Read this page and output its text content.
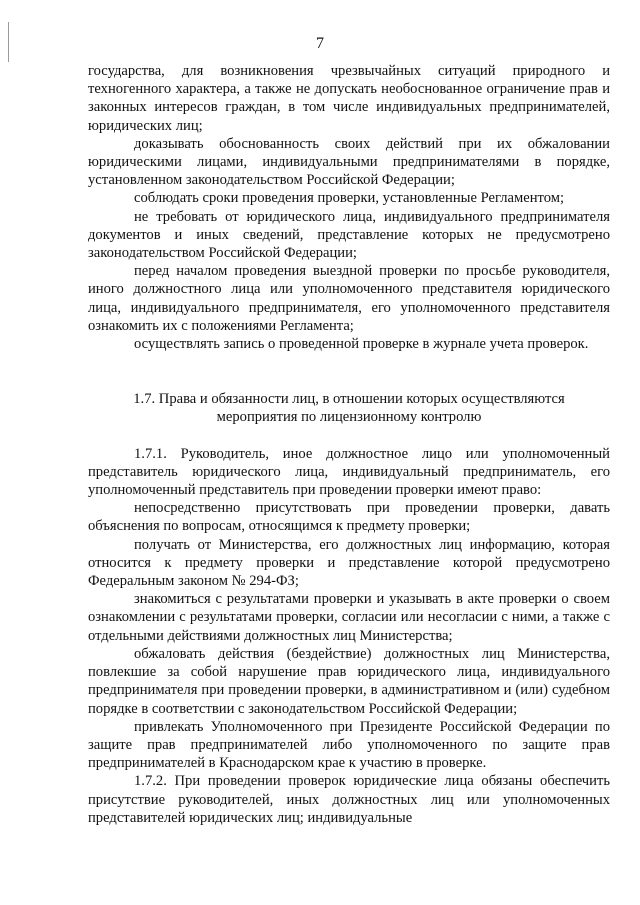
7

государства, для возникновения чрезвычайных ситуаций природного и техногенного характера, а также не допускать необоснованное ограничение прав и законных интересов граждан, в том числе индивидуальных предпринимателей, юридических лиц;

доказывать обоснованность своих действий при их обжаловании юридическими лицами, индивидуальными предпринимателями в порядке, установленном законодательством Российской Федерации;

соблюдать сроки проведения проверки, установленные Регламентом;

не требовать от юридического лица, индивидуального предпринимателя документов и иных сведений, представление которых не предусмотрено законодательством Российской Федерации;

перед началом проведения выездной проверки по просьбе руководителя, иного должностного лица или уполномоченного представителя юридического лица, индивидуального предпринимателя, его уполномоченного представителя ознакомить их с положениями Регламента;

осуществлять запись о проведенной проверке в журнале учета проверок.

1.7. Права и обязанности лиц, в отношении которых осуществляются
мероприятия по лицензионному контролю

1.7.1. Руководитель, иное должностное лицо или уполномоченный представитель юридического лица, индивидуальный предприниматель, его уполномоченный представитель при проведении проверки имеют право:

непосредственно присутствовать при проведении проверки, давать объяснения по вопросам, относящимся к предмету проверки;

получать от Министерства, его должностных лиц информацию, которая относится к предмету проверки и представление которой предусмотрено Федеральным законом № 294-ФЗ;

знакомиться с результатами проверки и указывать в акте проверки о своем ознакомлении с результатами проверки, согласии или несогласии с ними, а также с отдельными действиями должностных лиц Министерства;

обжаловать действия (бездействие) должностных лиц Министерства, повлекшие за собой нарушение прав юридического лица, индивидуального предпринимателя при проведении проверки, в административном и (или) судебном порядке в соответствии с законодательством Российской Федерации;

привлекать Уполномоченного при Президенте Российской Федерации по защите прав предпринимателей либо уполномоченного по защите прав предпринимателей в Краснодарском крае к участию в проверке.

1.7.2. При проведении проверок юридические лица обязаны обеспечить присутствие руководителей, иных должностных лиц или уполномоченных представителей юридических лиц; индивидуальные
